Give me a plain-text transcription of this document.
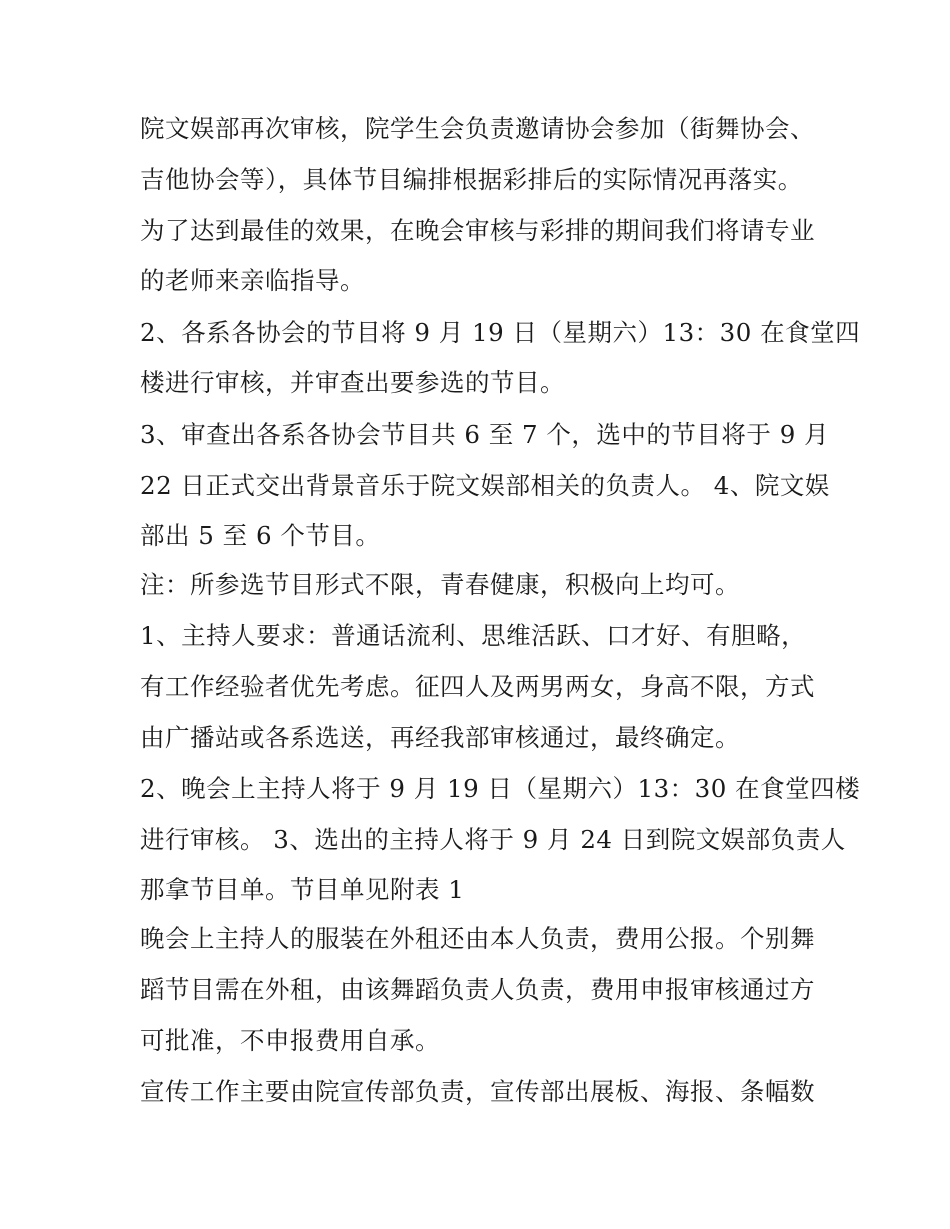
院文娱部再次审核，院学生会负责邀请协会参加（街舞协会、
吉他协会等），具体节目编排根据彩排后的实际情况再落实。
为了达到最佳的效果，在晚会审核与彩排的期间我们将请专业
的老师来亲临指导。
2、各系各协会的节目将 9 月 19 日（星期六）13：30 在食堂四
楼进行审核，并审查出要参选的节目。
3、审查出各系各协会节目共 6 至 7 个，选中的节目将于 9 月
22 日正式交出背景音乐于院文娱部相关的负责人。 4、院文娱
部出 5 至 6 个节目。
注：所参选节目形式不限，青春健康，积极向上均可。
1、主持人要求：普通话流利、思维活跃、口才好、有胆略，
有工作经验者优先考虑。征四人及两男两女，身高不限，方式
由广播站或各系选送，再经我部审核通过，最终确定。
2、晚会上主持人将于 9 月 19 日（星期六）13：30 在食堂四楼
进行审核。 3、选出的主持人将于 9 月 24 日到院文娱部负责人
那拿节目单。节目单见附表 1
晚会上主持人的服装在外租还由本人负责，费用公报。个别舞
蹈节目需在外租，由该舞蹈负责人负责，费用申报审核通过方
可批准，不申报费用自承。
宣传工作主要由院宣传部负责，宣传部出展板、海报、条幅数
